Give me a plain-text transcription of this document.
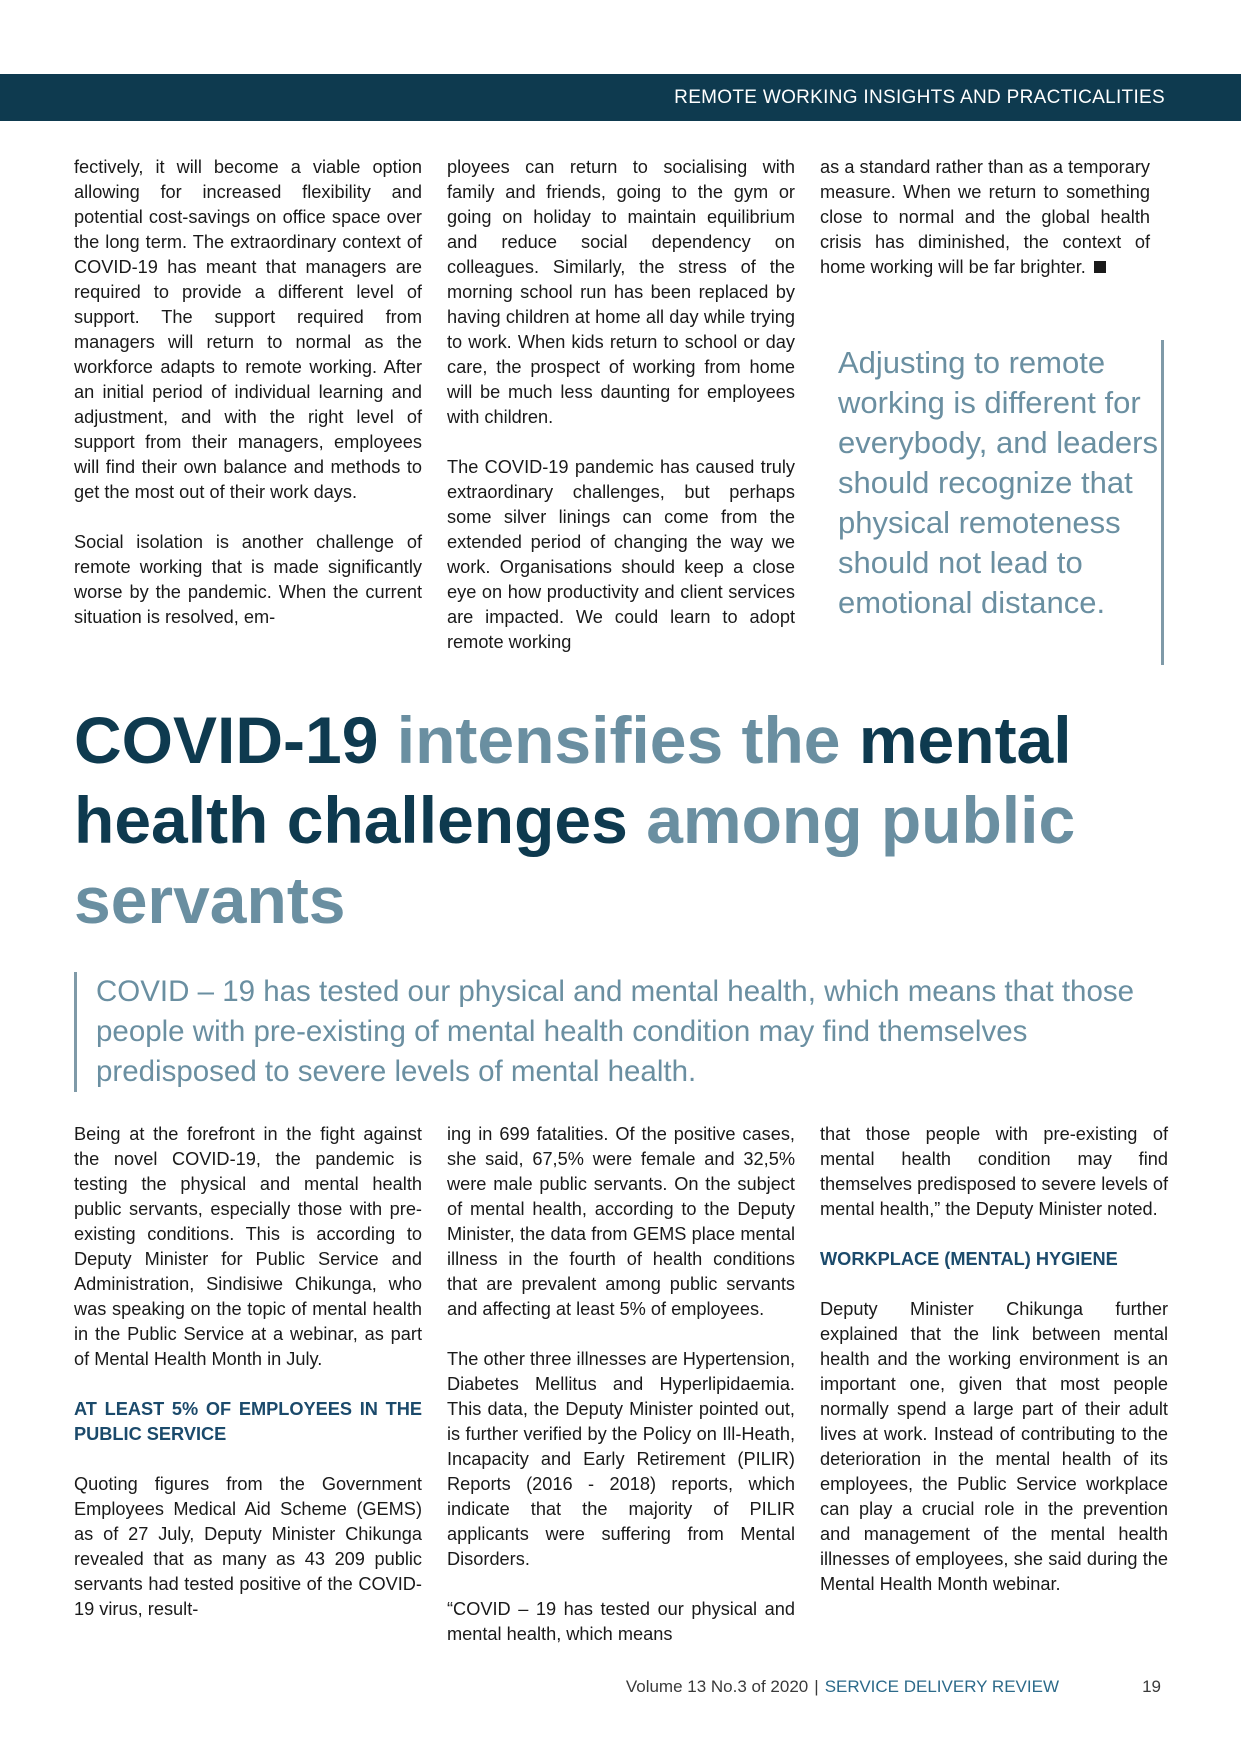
REMOTE WORKING INSIGHTS AND PRACTICALITIES

fectively, it will become a viable option allowing for increased flexibility and potential cost-savings on office space over the long term. The extraordinary context of COVID-19 has meant that managers are required to provide a different level of support. The support required from managers will return to normal as the workforce adapts to remote working. After an initial period of individual learning and adjustment, and with the right level of support from their managers, employees will find their own balance and methods to get the most out of their work days.

Social isolation is another challenge of remote working that is made significantly worse by the pandemic. When the current situation is resolved, em-

ployees can return to socialising with family and friends, going to the gym or going on holiday to maintain equilibrium and reduce social dependency on colleagues. Similarly, the stress of the morning school run has been replaced by having children at home all day while trying to work. When kids return to school or day care, the prospect of working from home will be much less daunting for employees with children.

The COVID-19 pandemic has caused truly extraordinary challenges, but perhaps some silver linings can come from the extended period of changing the way we work. Organisations should keep a close eye on how productivity and client services are impacted. We could learn to adopt remote working

as a standard rather than as a temporary measure. When we return to something close to normal and the global health crisis has diminished, the context of home working will be far brighter.

Adjusting to remote working is different for everybody, and leaders should recognize that physical remoteness should not lead to emotional distance.

COVID-19 intensifies the mental health challenges among public servants

COVID – 19 has tested our physical and mental health, which means that those people with pre-existing of mental health condition may find themselves predisposed to severe levels of mental health.

Being at the forefront in the fight against the novel COVID-19, the pandemic is testing the physical and mental health public servants, especially those with pre-existing conditions. This is according to Deputy Minister for Public Service and Administration, Sindisiwe Chikunga, who was speaking on the topic of mental health in the Public Service at a webinar, as part of Mental Health Month in July.

AT LEAST 5% OF EMPLOYEES IN THE PUBLIC SERVICE

Quoting figures from the Government Employees Medical Aid Scheme (GEMS) as of 27 July, Deputy Minister Chikunga revealed that as many as 43 209 public servants had tested positive of the COVID-19 virus, result-

ing in 699 fatalities. Of the positive cases, she said, 67,5% were female and 32,5% were male public servants. On the subject of mental health, according to the Deputy Minister, the data from GEMS place mental illness in the fourth of health conditions that are prevalent among public servants and affecting at least 5% of employees.

The other three illnesses are Hypertension, Diabetes Mellitus and Hyperlipidaemia. This data, the Deputy Minister pointed out, is further verified by the Policy on Ill-Heath, Incapacity and Early Retirement (PILIR) Reports (2016 - 2018) reports, which indicate that the majority of PILIR applicants were suffering from Mental Disorders.

“COVID – 19 has tested our physical and mental health, which means

that those people with pre-existing of mental health condition may find themselves predisposed to severe levels of mental health,” the Deputy Minister noted.

WORKPLACE (MENTAL) HYGIENE

Deputy Minister Chikunga further explained that the link between mental health and the working environment is an important one, given that most people normally spend a large part of their adult lives at work. Instead of contributing to the deterioration in the mental health of its employees, the Public Service workplace can play a crucial role in the prevention and management of the mental health illnesses of employees, she said during the Mental Health Month webinar.

Volume 13 No.3 of 2020 | SERVICE DELIVERY REVIEW	19
